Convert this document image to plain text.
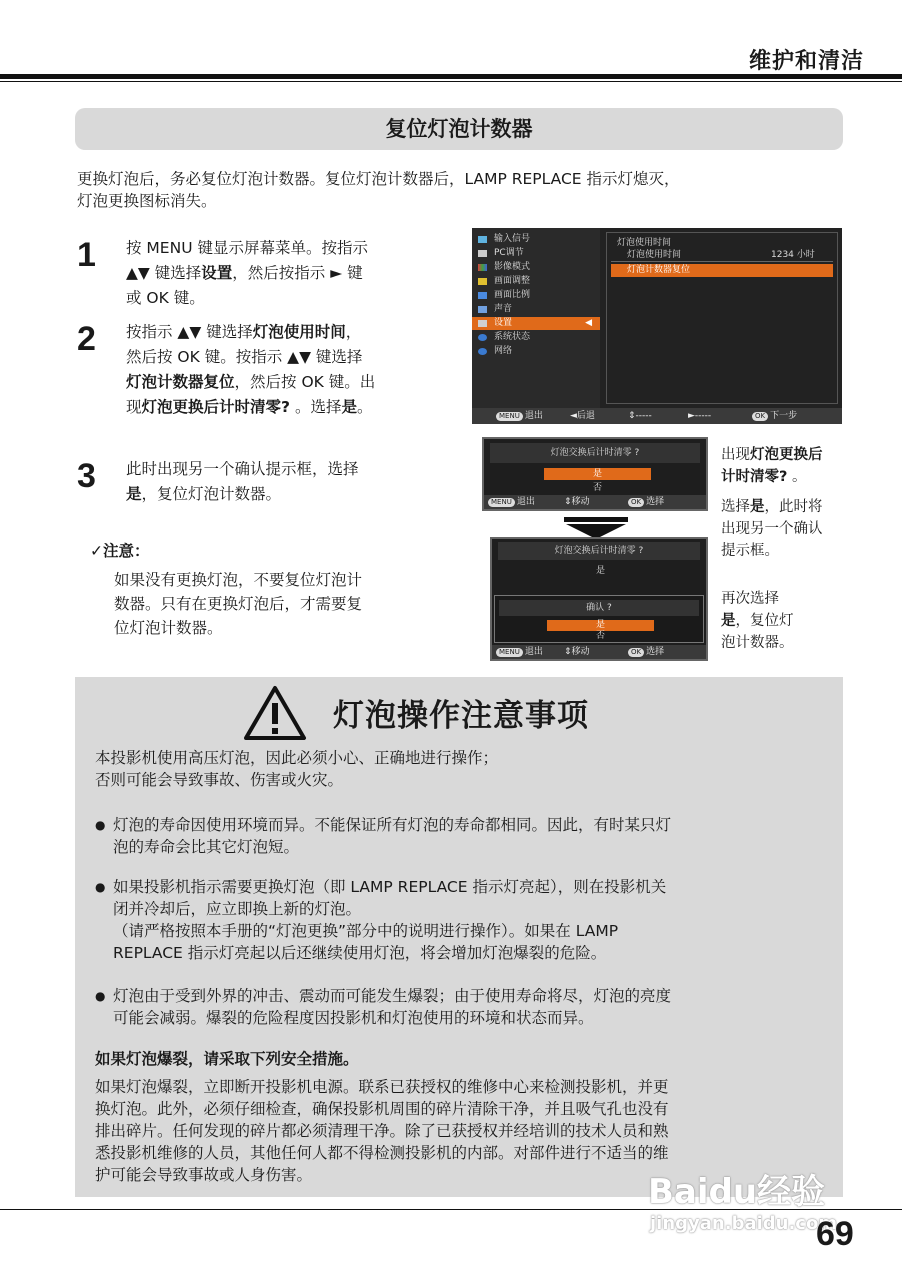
维护和清洁
复位灯泡计数器
更换灯泡后，务必复位灯泡计数器。复位灯泡计数器后，LAMP REPLACE 指示灯熄灭，
灯泡更换图标消失。
1 按 MENU 键显示屏幕菜单。按指示
▲▼ 键选择设置，然后按指示 ► 键
或 OK 键。
2 按指示 ▲▼ 键选择灯泡使用时间，
然后按 OK 键。按指示 ▲▼ 键选择
灯泡计数器复位，然后按 OK 键。出
现灯泡更换后计时清零? 。选择是。
3 此时出现另一个确认提示框，选择
是，复位灯泡计数器。
✓注意：
如果没有更换灯泡，不要复位灯泡计
数器。只有在更换灯泡后，才需要复
位灯泡计数器。
输入信号
PC调节
影像模式
画面调整
画面比例
声音
设置	◀
系统状态
网络
灯泡使用时间
灯泡使用时间	1234 小时
灯泡计数器复位
MENU 退出	◄后退	⇕-----	►-----	OK 下一步
灯泡交换后计时清零 ?
是
否
MENU 退出	⇕移动	OK 选择
灯泡交换后计时清零 ?
是
确认 ?
是
否
MENU 退出 ⇕移动	OK 选择
出现灯泡更换后
计时清零? 。
选择是，此时将
出现另一个确认
提示框。
再次选择
是，复位灯
泡计数器。
灯泡操作注意事项
本投影机使用高压灯泡，因此必须小心、正确地进行操作；
否则可能会导致事故、伤害或火灾。
● 灯泡的寿命因使用环境而异。不能保证所有灯泡的寿命都相同。因此，有时某只灯
泡的寿命会比其它灯泡短。
● 如果投影机指示需要更换灯泡（即 LAMP REPLACE 指示灯亮起），则在投影机关
闭并冷却后，应立即换上新的灯泡。
（请严格按照本手册的“灯泡更换”部分中的说明进行操作）。如果在 LAMP
REPLACE 指示灯亮起以后还继续使用灯泡，将会增加灯泡爆裂的危险。
● 灯泡由于受到外界的冲击、震动而可能发生爆裂；由于使用寿命将尽，灯泡的亮度
可能会减弱。爆裂的危险程度因投影机和灯泡使用的环境和状态而异。
如果灯泡爆裂，请采取下列安全措施。
如果灯泡爆裂，立即断开投影机电源。联系已获授权的维修中心来检测投影机，并更
换灯泡。此外，必须仔细检查，确保投影机周围的碎片清除干净，并且吸气孔也没有
排出碎片。任何发现的碎片都必须清理干净。除了已获授权并经培训的技术人员和熟
悉投影机维修的人员，其他任何人都不得检测投影机的内部。对部件进行不适当的维
护可能会导致事故或人身伤害。	Baidu经验
jingyan.baidu.com
69
